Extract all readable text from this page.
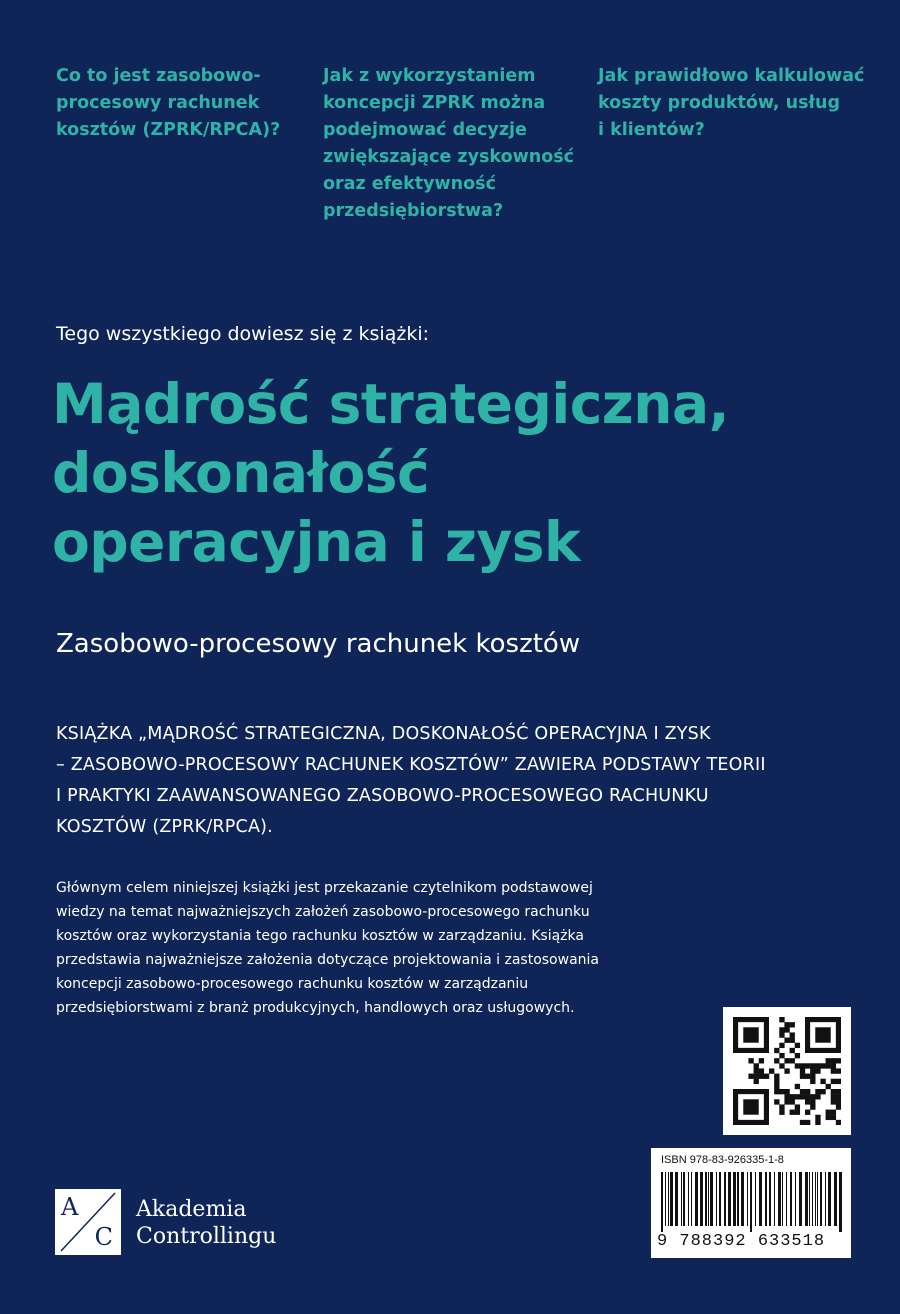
Co to jest zasobowo-
procesowy rachunek
kosztów (ZPRK/RPCA)?
Jak z wykorzystaniem
koncepcji ZPRK można
podejmować decyzje
zwiększające zyskowność
oraz efektywność
przedsiębiorstwa?
Jak prawidłowo kalkulować
koszty produktów, usług
i klientów?
Tego wszystkiego dowiesz się z książki:
Mądrość strategiczna,
doskonałość
operacyjna i zysk
Zasobowo-procesowy rachunek kosztów
KSIĄŻKA „MĄDROŚĆ STRATEGICZNA, DOSKONAŁOŚĆ OPERACYJNA I ZYSK
– ZASOBOWO-PROCESOWY RACHUNEK KOSZTÓW” ZAWIERA PODSTAWY TEORII
I PRAKTYKI ZAAWANSOWANEGO ZASOBOWO-PROCESOWEGO RACHUNKU
KOSZTÓW (ZPRK/RPCA).
Głównym celem niniejszej książki jest przekazanie czytelnikom podstawowej
wiedzy na temat najważniejszych założeń zasobowo-procesowego rachunku
kosztów oraz wykorzystania tego rachunku kosztów w zarządzaniu. Książka
przedstawia najważniejsze założenia dotyczące projektowania i zastosowania
koncepcji zasobowo-procesowego rachunku kosztów w zarządzaniu
przedsiębiorstwami z branż produkcyjnych, handlowych oraz usługowych.
ISBN 978-83-926335-1-8
9 788392 633518
A
C
Akademia
Controllingu
